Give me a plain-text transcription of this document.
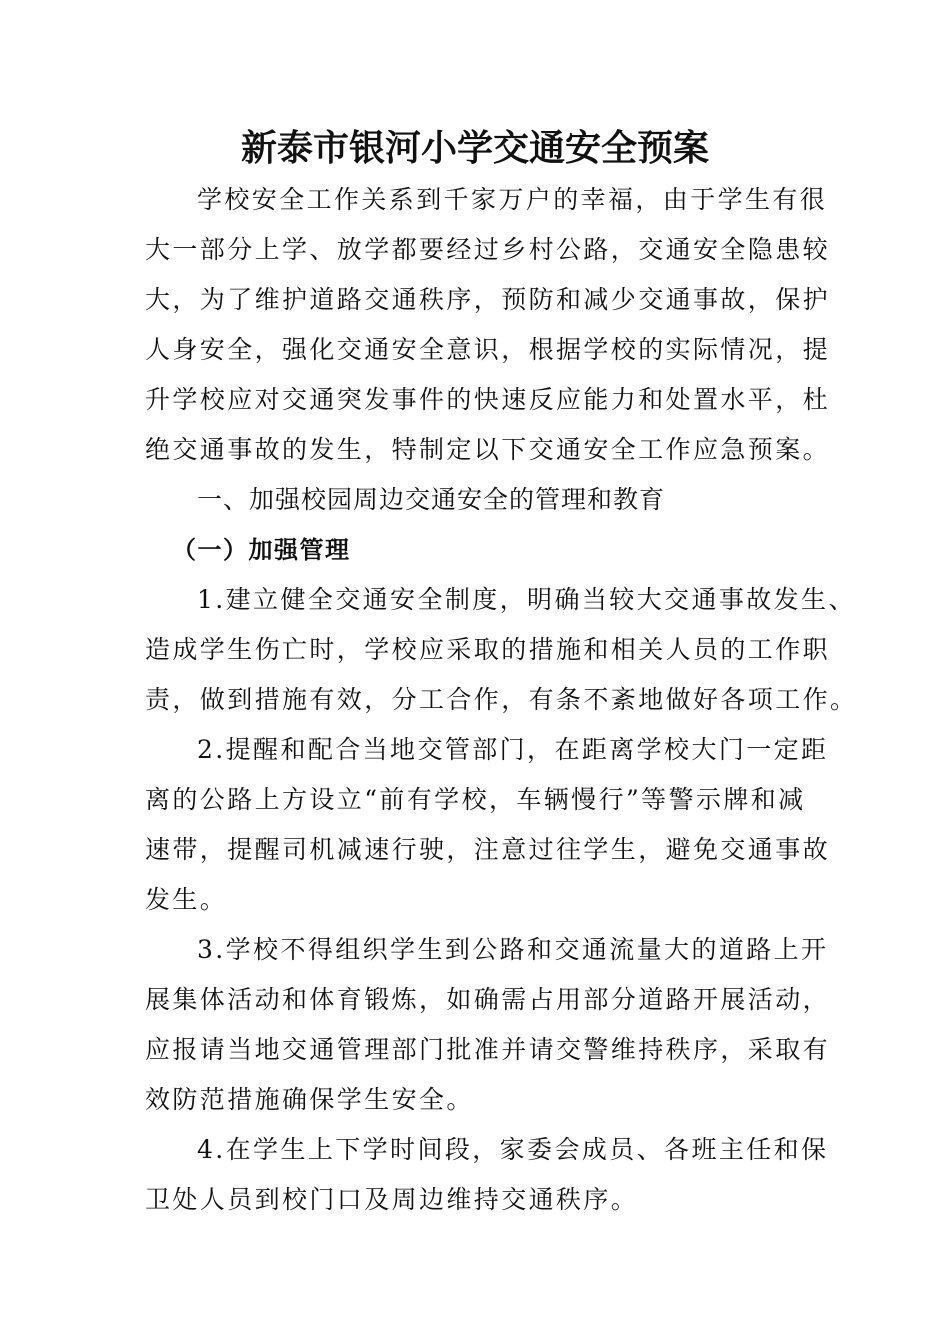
新泰市银河小学交通安全预案

学校安全工作关系到千家万户的幸福，由于学生有很

大一部分上学、放学都要经过乡村公路，交通安全隐患较

大，为了维护道路交通秩序，预防和减少交通事故，保护

人身安全，强化交通安全意识，根据学校的实际情况，提

升学校应对交通突发事件的快速反应能力和处置水平，杜

绝交通事故的发生，特制定以下交通安全工作应急预案。

一、加强校园周边交通安全的管理和教育

（一）加强管理

1.建立健全交通安全制度，明确当较大交通事故发生、

造成学生伤亡时，学校应采取的措施和相关人员的工作职

责，做到措施有效，分工合作，有条不紊地做好各项工作。

2.提醒和配合当地交管部门，在距离学校大门一定距

离的公路上方设立“前有学校，车辆慢行”等警示牌和减

速带，提醒司机减速行驶，注意过往学生，避免交通事故

发生。

3.学校不得组织学生到公路和交通流量大的道路上开

展集体活动和体育锻炼，如确需占用部分道路开展活动，

应报请当地交通管理部门批准并请交警维持秩序，采取有

效防范措施确保学生安全。

4.在学生上下学时间段，家委会成员、各班主任和保

卫处人员到校门口及周边维持交通秩序。
